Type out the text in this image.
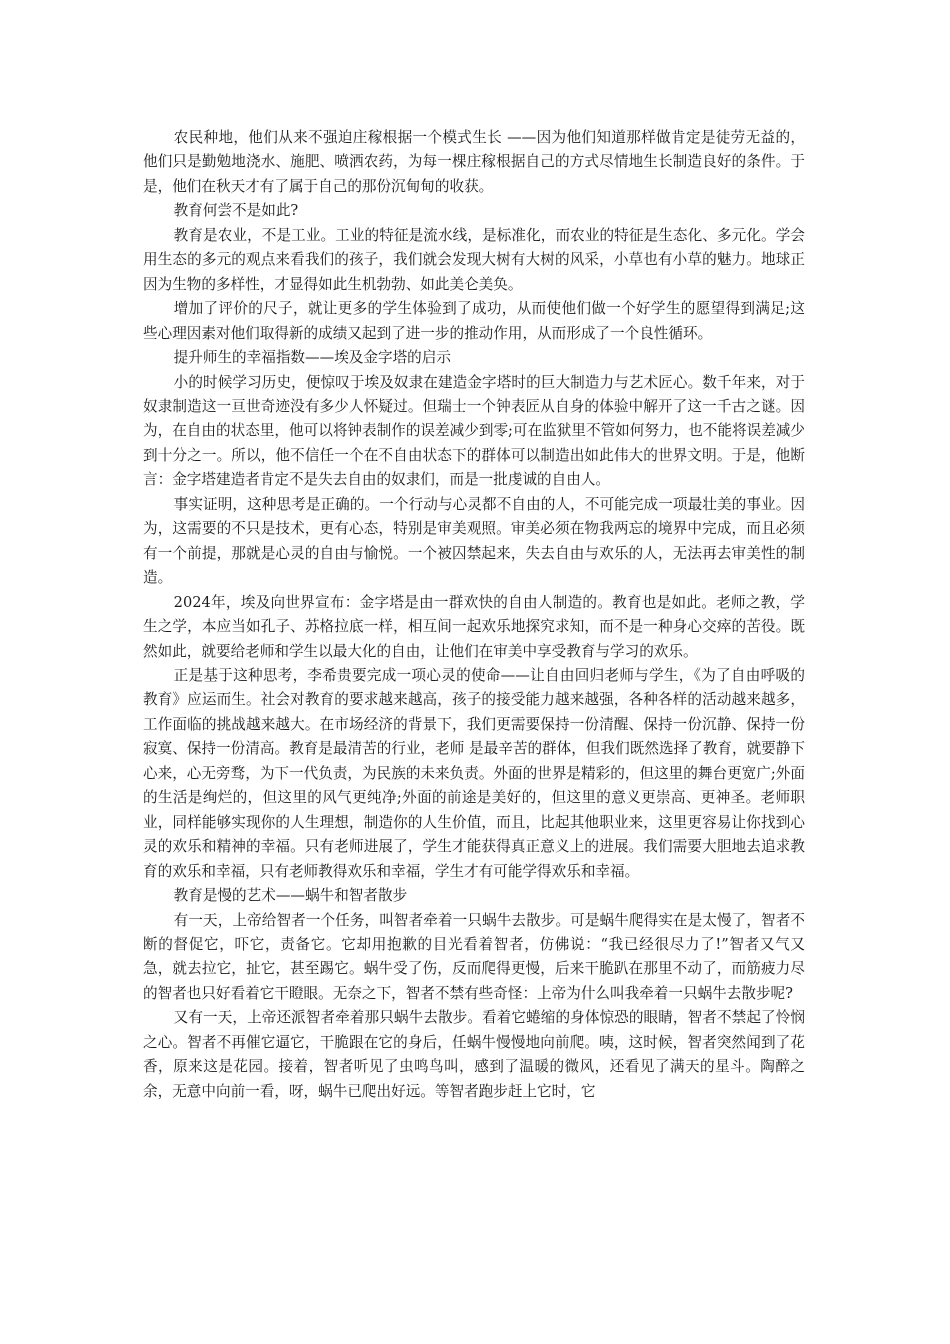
农民种地，他们从来不强迫庄稼根据一个模式生长 ——因为他们知道那样做肯定是徒劳无益的，他们只是勤勉地浇水、施肥、喷洒农药，为每一棵庄稼根据自己的方式尽情地生长制造良好的条件。于是，他们在秋天才有了属于自己的那份沉甸甸的收获。

教育何尝不是如此?

教育是农业，不是工业。工业的特征是流水线，是标准化，而农业的特征是生态化、多元化。学会用生态的多元的观点来看我们的孩子，我们就会发现大树有大树的风采，小草也有小草的魅力。地球正因为生物的多样性，才显得如此生机勃勃、如此美仑美奂。

增加了评价的尺子，就让更多的学生体验到了成功，从而使他们做一个好学生的愿望得到满足;这些心理因素对他们取得新的成绩又起到了进一步的推动作用，从而形成了一个良性循环。

提升师生的幸福指数——埃及金字塔的启示

小的时候学习历史，便惊叹于埃及奴隶在建造金字塔时的巨大制造力与艺术匠心。数千年来，对于奴隶制造这一亘世奇迹没有多少人怀疑过。但瑞士一个钟表匠从自身的体验中解开了这一千古之谜。因为，在自由的状态里，他可以将钟表制作的误差减少到零;可在监狱里不管如何努力，也不能将误差减少到十分之一。所以，他不信任一个在不自由状态下的群体可以制造出如此伟大的世界文明。于是，他断言：金字塔建造者肯定不是失去自由的奴隶们，而是一批虔诚的自由人。

事实证明，这种思考是正确的。一个行动与心灵都不自由的人，不可能完成一项最壮美的事业。因为，这需要的不只是技术，更有心态，特别是审美观照。审美必须在物我两忘的境界中完成，而且必须有一个前提，那就是心灵的自由与愉悦。一个被囚禁起来，失去自由与欢乐的人，无法再去审美性的制造。

2024年，埃及向世界宣布：金字塔是由一群欢快的自由人制造的。教育也是如此。老师之教，学生之学，本应当如孔子、苏格拉底一样，相互间一起欢乐地探究求知，而不是一种身心交瘁的苦役。既然如此，就要给老师和学生以最大化的自由，让他们在审美中享受教育与学习的欢乐。

正是基于这种思考，李希贵要完成一项心灵的使命——让自由回归老师与学生，《为了自由呼吸的教育》应运而生。社会对教育的要求越来越高，孩子的接受能力越来越强，各种各样的活动越来越多，工作面临的挑战越来越大。在市场经济的背景下，我们更需要保持一份清醒、保持一份沉静、保持一份寂寞、保持一份清高。教育是最清苦的行业，老师 是最辛苦的群体，但我们既然选择了教育，就要静下心来，心无旁骛，为下一代负责，为民族的未来负责。外面的世界是精彩的，但这里的舞台更宽广;外面的生活是绚烂的，但这里的风气更纯净;外面的前途是美好的，但这里的意义更崇高、更神圣。老师职业，同样能够实现你的人生理想，制造你的人生价值，而且，比起其他职业来，这里更容易让你找到心灵的欢乐和精神的幸福。只有老师进展了，学生才能获得真正意义上的进展。我们需要大胆地去追求教育的欢乐和幸福，只有老师教得欢乐和幸福，学生才有可能学得欢乐和幸福。

教育是慢的艺术——蜗牛和智者散步

有一天，上帝给智者一个任务，叫智者牵着一只蜗牛去散步。可是蜗牛爬得实在是太慢了，智者不断的督促它，吓它，责备它。它却用抱歉的目光看着智者，仿佛说：“我已经很尽力了!”智者又气又急，就去拉它，扯它，甚至踢它。蜗牛受了伤，反而爬得更慢，后来干脆趴在那里不动了，而筋疲力尽的智者也只好看着它干瞪眼。无奈之下，智者不禁有些奇怪：上帝为什么叫我牵着一只蜗牛去散步呢?

又有一天，上帝还派智者牵着那只蜗牛去散步。看着它蜷缩的身体惊恐的眼睛，智者不禁起了怜悯之心。智者不再催它逼它，干脆跟在它的身后，任蜗牛慢慢地向前爬。咦，这时候，智者突然闻到了花香，原来这是花园。接着，智者听见了虫鸣鸟叫，感到了温暖的微风，还看见了满天的星斗。陶醉之余，无意中向前一看，呀，蜗牛已爬出好远。等智者跑步赶上它时，它
